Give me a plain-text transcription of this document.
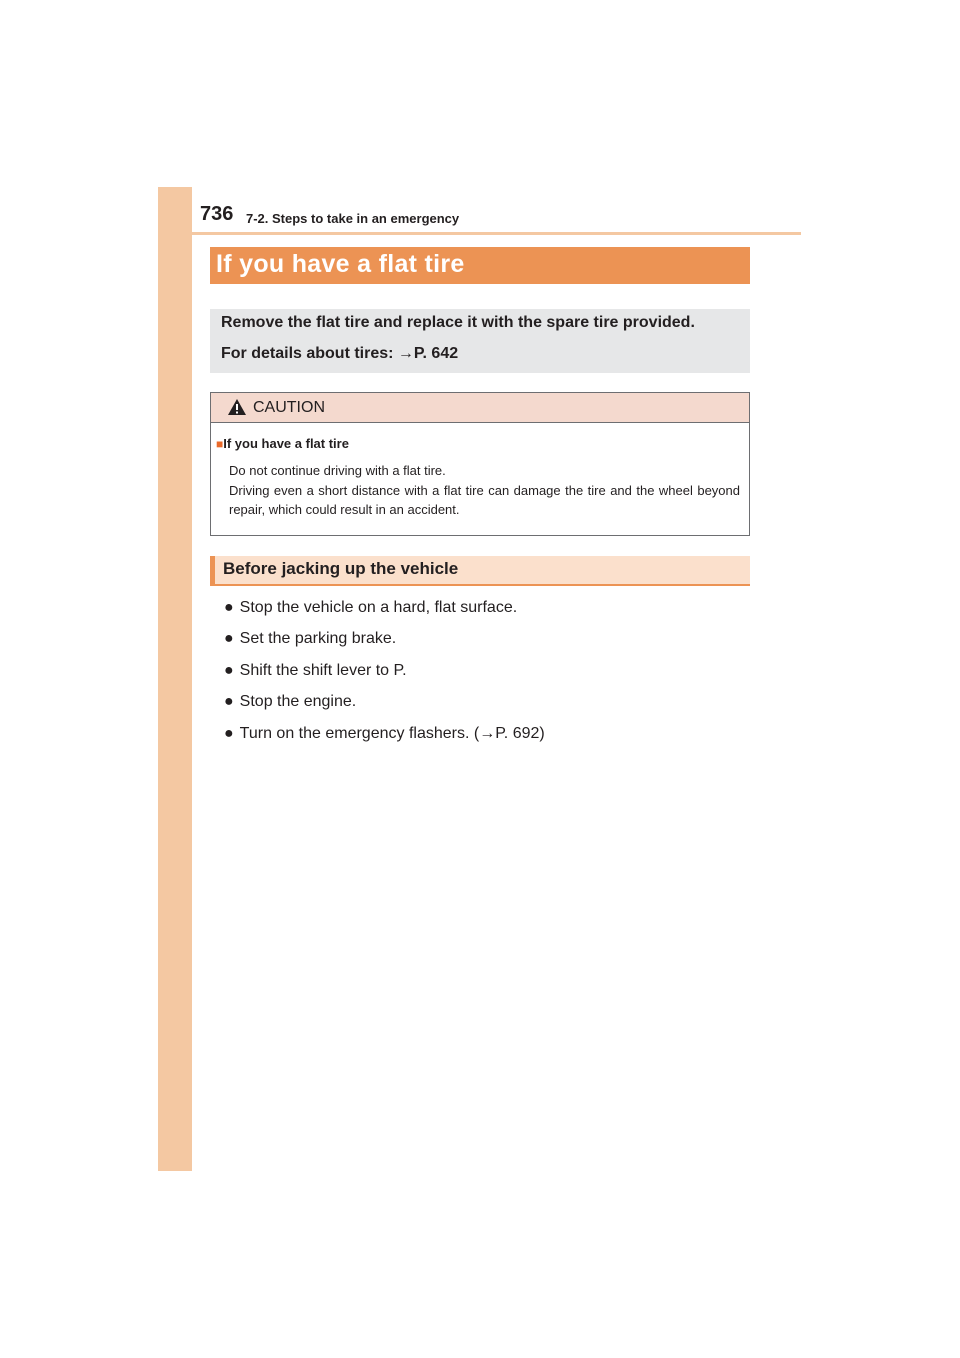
736 7-2. Steps to take in an emergency
If you have a flat tire
Remove the flat tire and replace it with the spare tire provided.
For details about tires: →P. 642
CAUTION
■If you have a flat tire

Do not continue driving with a flat tire.

Driving even a short distance with a flat tire can damage the tire and the wheel beyond repair, which could result in an accident.

Before jacking up the vehicle
● Stop the vehicle on a hard, flat surface.
● Set the parking brake.
● Shift the shift lever to P.
● Stop the engine.
● Turn on the emergency flashers. (→P. 692)
